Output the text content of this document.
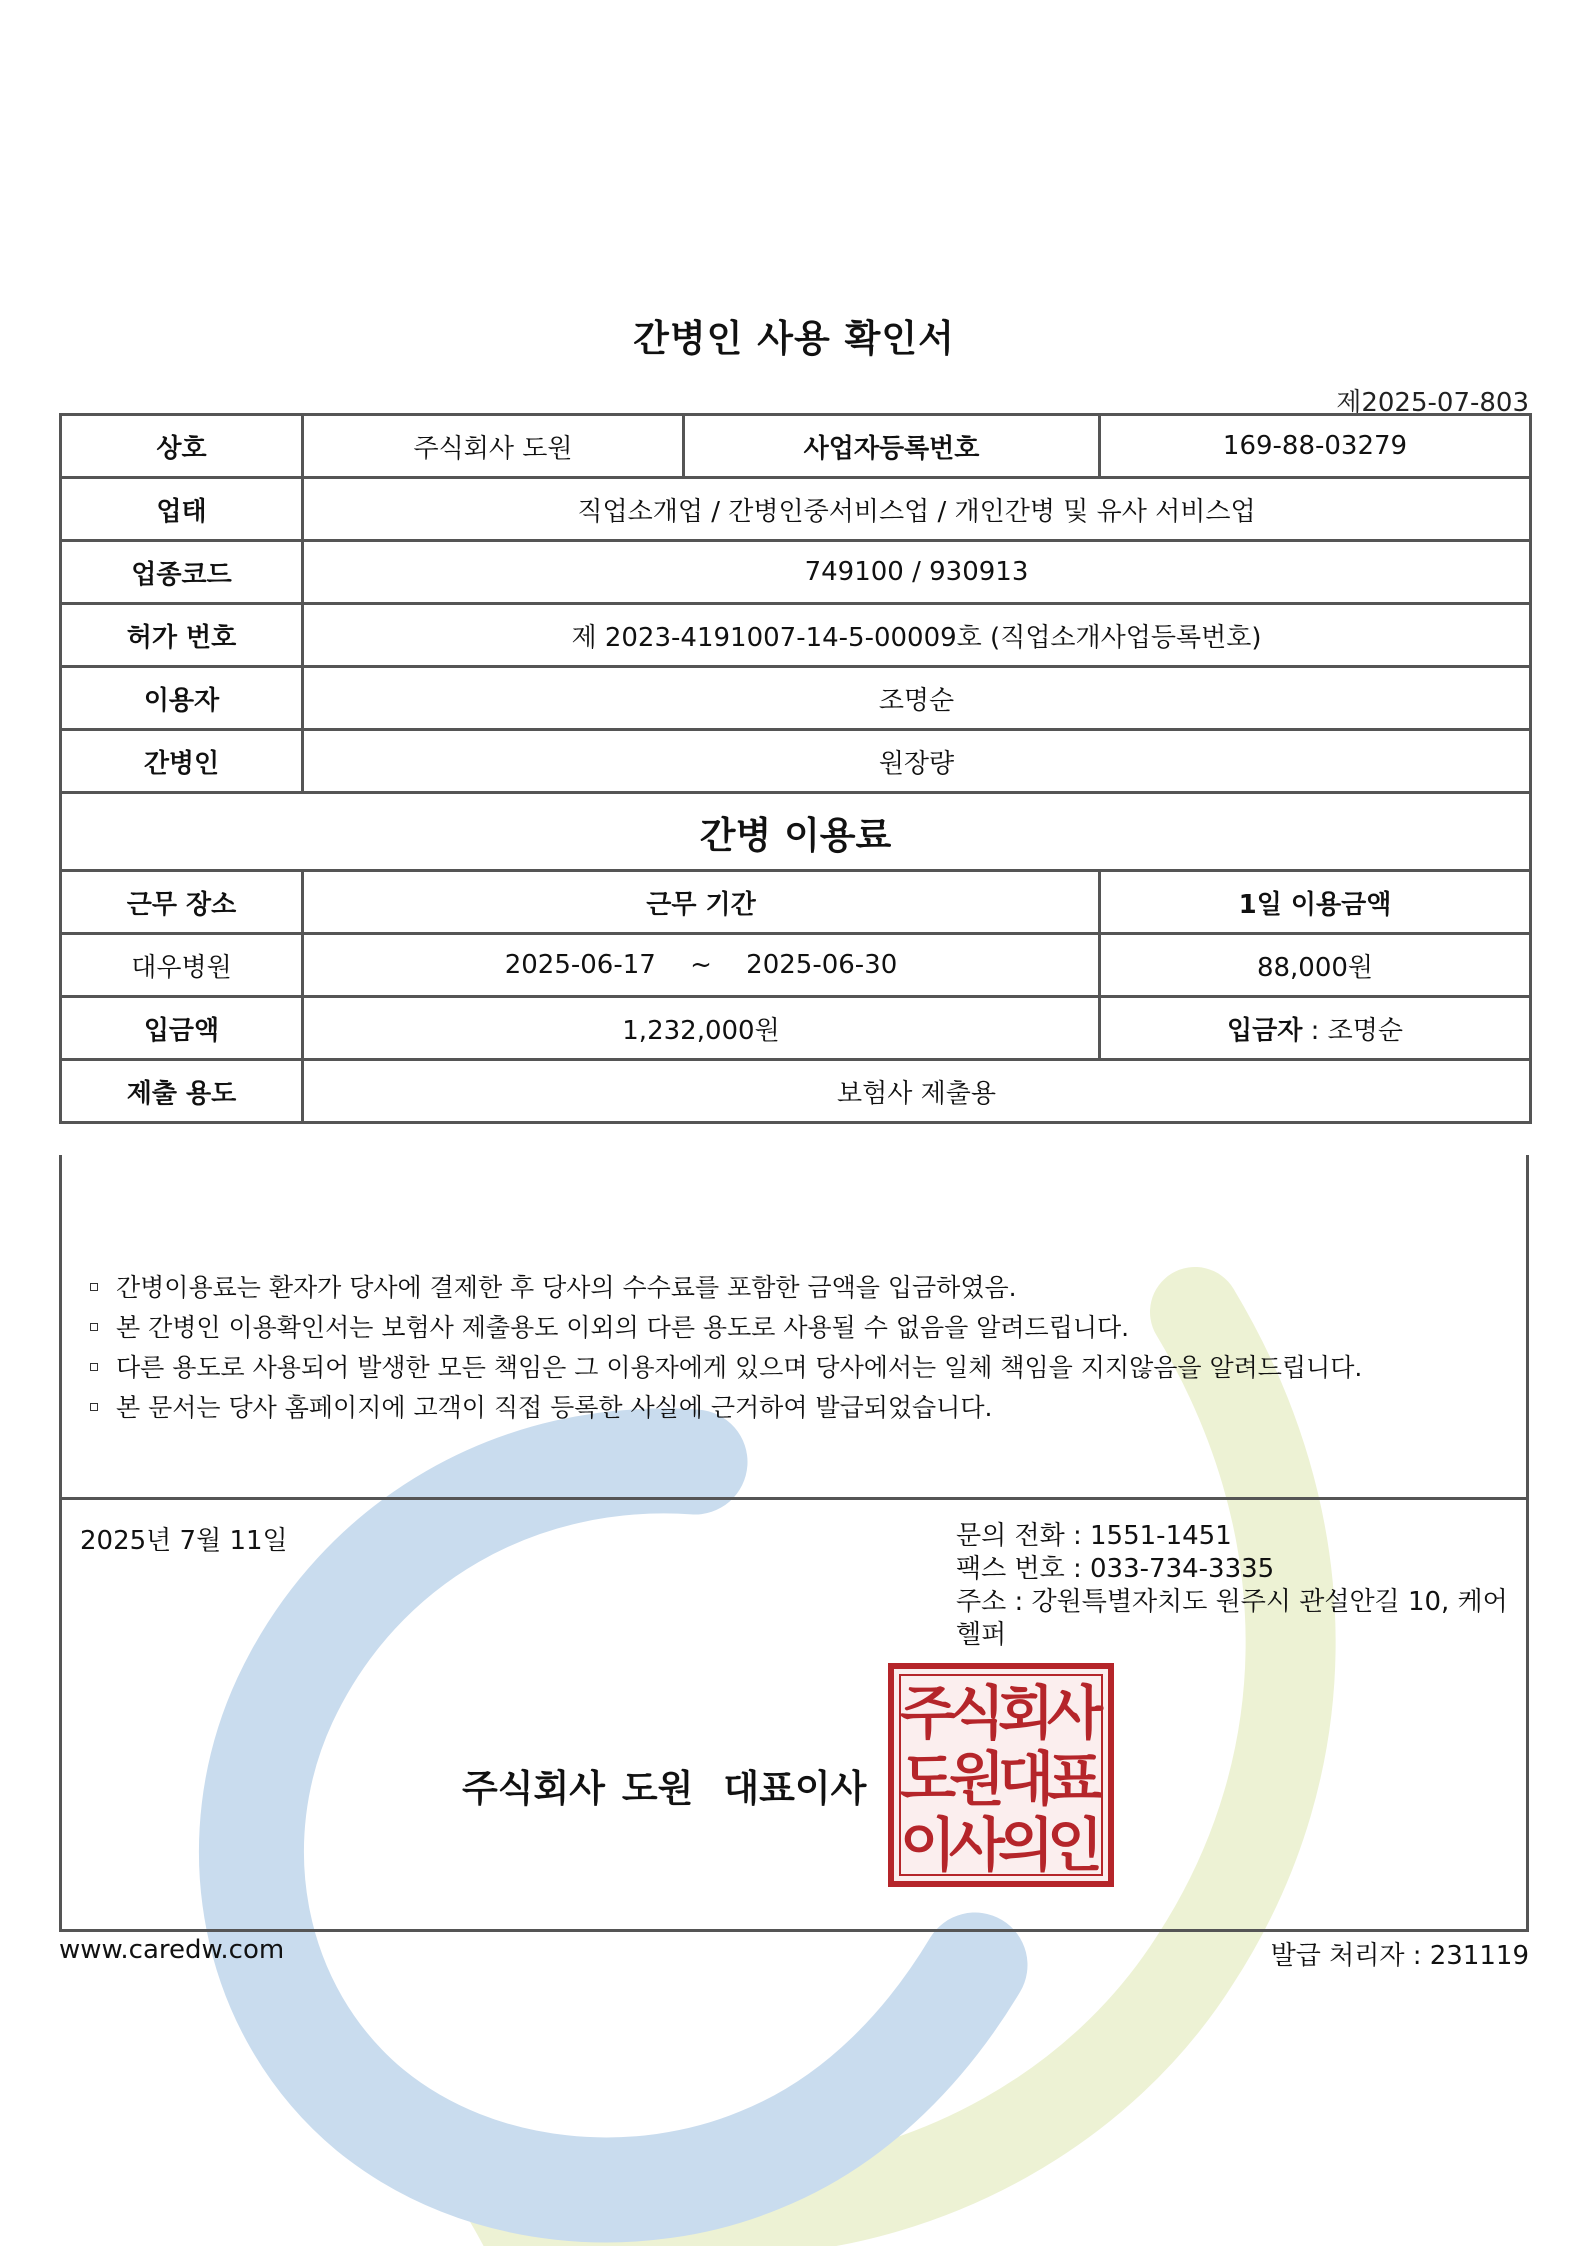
간병인 사용 확인서
제2025-07-803
상호	주식회사 도원	사업자등록번호	169-88-03279
업태	직업소개업 / 간병인중서비스업 / 개인간병 및 유사 서비스업		
업종코드	749100 / 930913		
허가 번호	제 2023-4191007-14-5-00009호 (직업소개사업등록번호)		
이용자	조명순		
간병인	원장량		
간병 이용료			
근무 장소	근무 기간		1일 이용금액
대우병원	2025-06-17 ~ 2025-06-30		88,000원
입금액	1,232,000원		입금자 : 조명순
제출 용도	보험사 제출용		
간병이용료는 환자가 당사에 결제한 후 당사의 수수료를 포함한 금액을 입금하였음.
본 간병인 이용확인서는 보험사 제출용도 이외의 다른 용도로 사용될 수 없음을 알려드립니다.
다른 용도로 사용되어 발생한 모든 책임은 그 이용자에게 있으며 당사에서는 일체 책임을 지지않음을 알려드립니다.
본 문서는 당사 홈페이지에 고객이 직접 등록한 사실에 근거하여 발급되었습니다.
2025년 7월 11일	문의 전화 : 1551-1451
팩스 번호 : 033-734-3335
주소 : 강원특별자치도 원주시 관설안길 10, 케어헬퍼
주식회사 도원 대표이사
주
식
회
사
도
원
대
표
이
사
의
인
www.caredw.com	발급 처리자 : 231119
